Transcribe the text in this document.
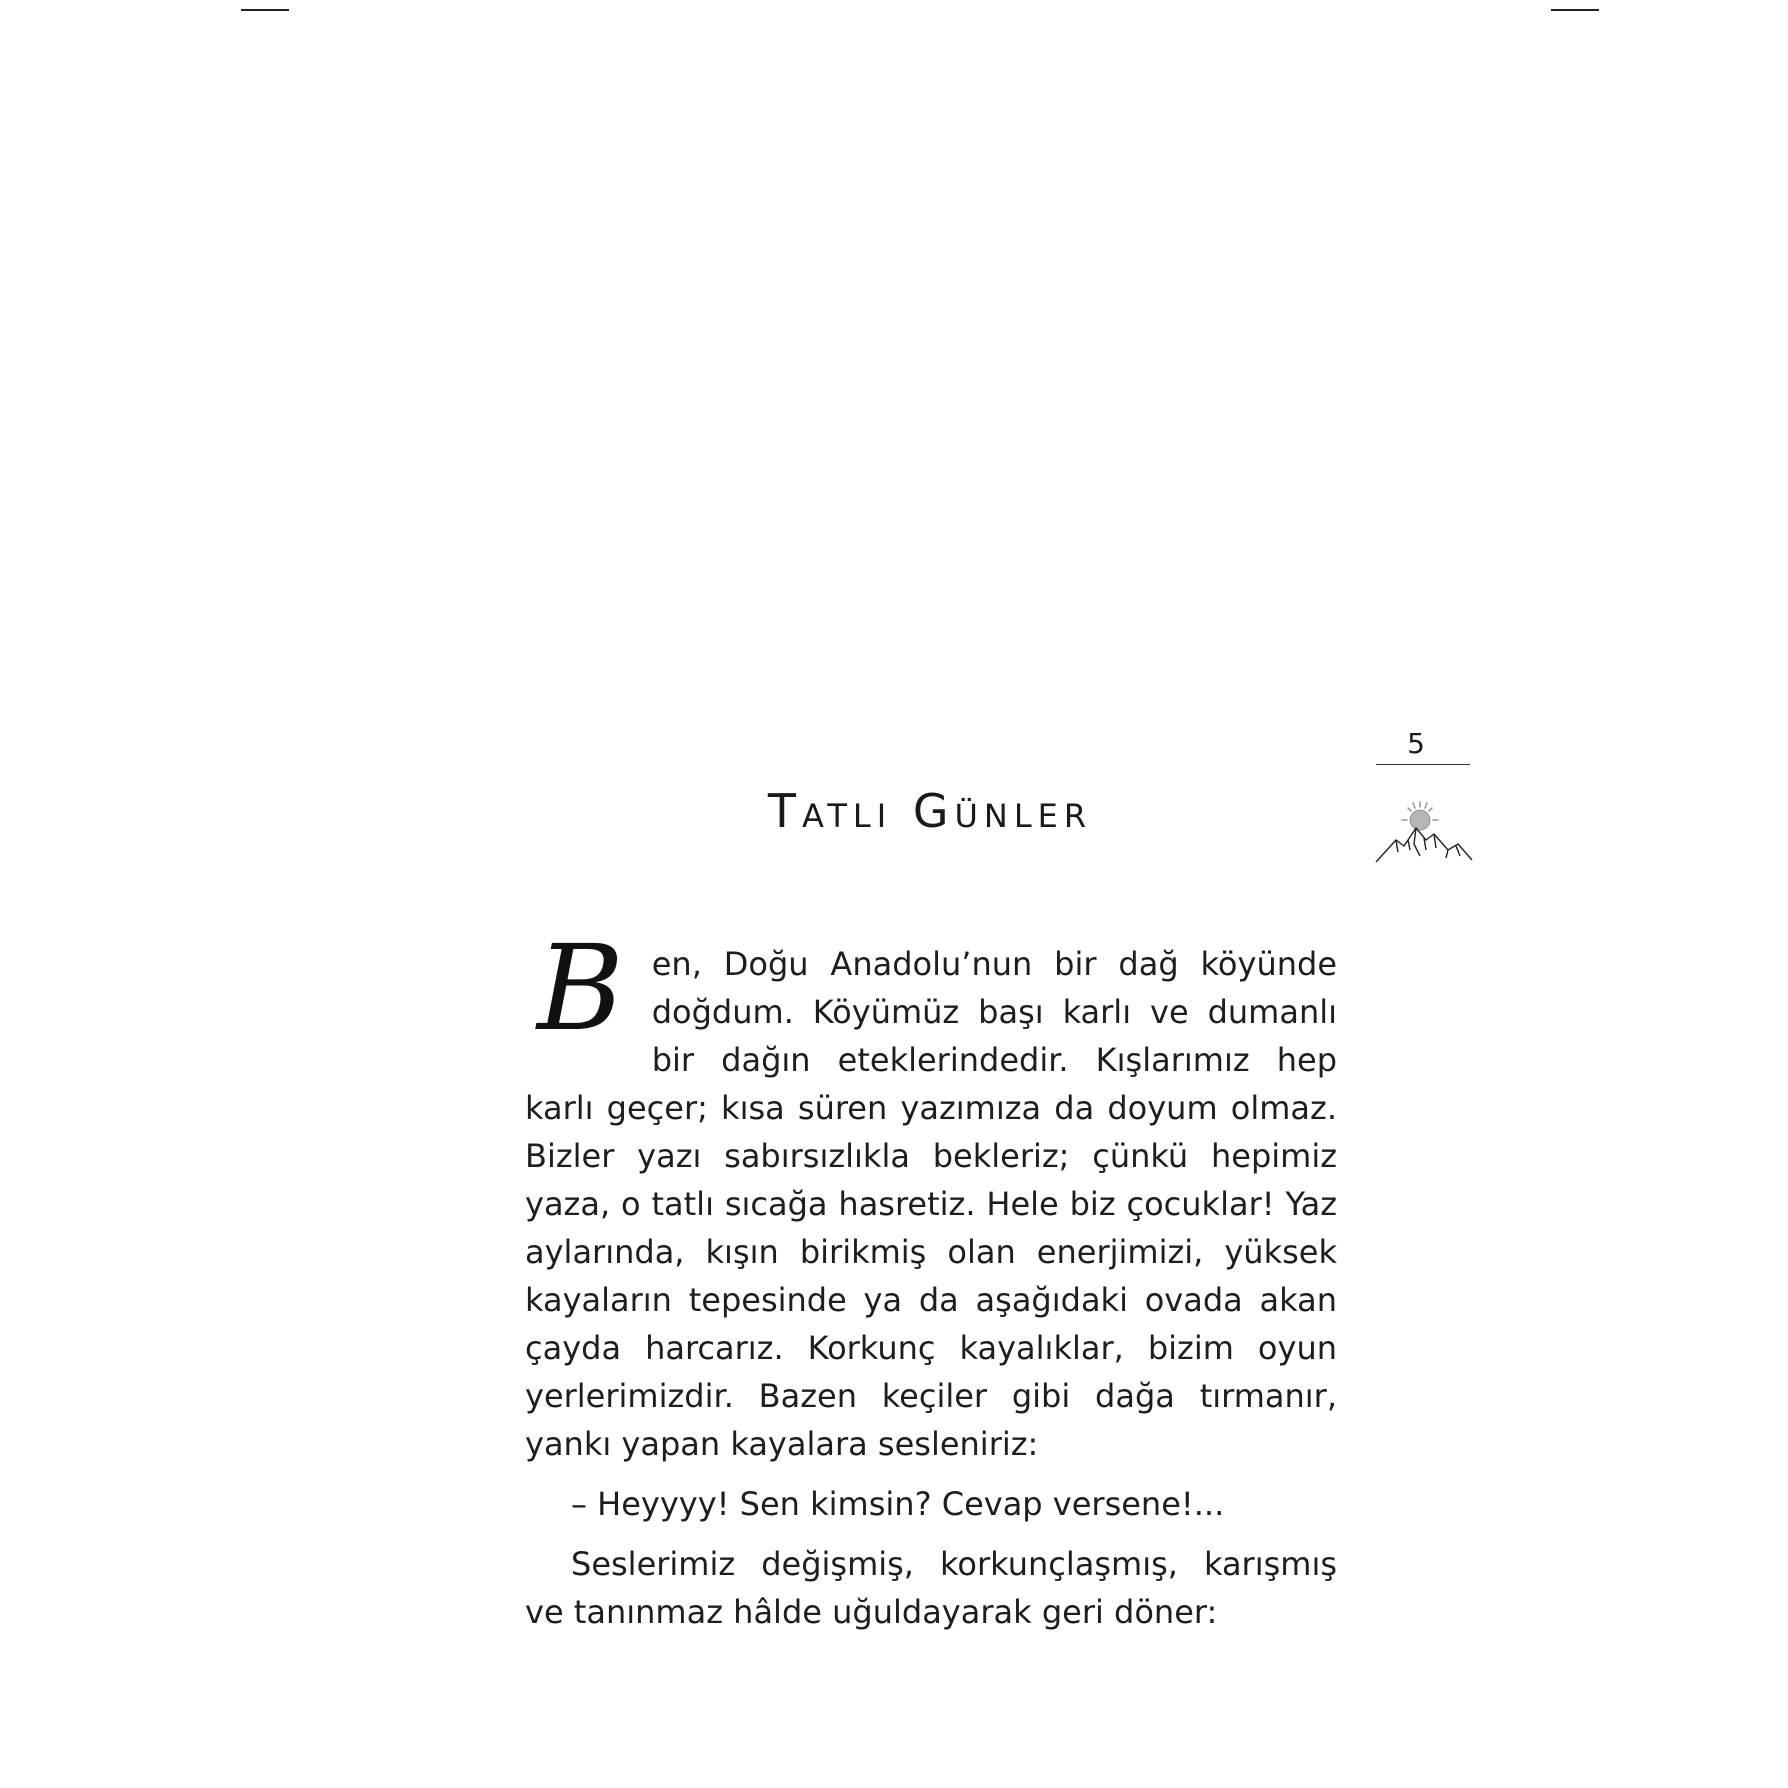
5
Tatlı Günler

B en, Doğu Anadolu’nun bir dağ köyünde doğdum. Köyümüz başı karlı ve dumanlı bir dağın eteklerindedir. Kışlarımız hep karlı geçer; kısa süren yazımıza da doyum olmaz. Bizler yazı sabırsızlıkla bekleriz; çünkü hepimiz yaza, o tatlı sıcağa hasretiz. Hele biz çocuklar! Yaz aylarında, kışın birikmiş olan enerjimizi, yüksek kayaların tepesinde ya da aşağıdaki ovada akan çayda harcarız. Korkunç kayalıklar, bizim oyun yerlerimizdir. Bazen keçiler gibi dağa tırmanır, yankı yapan kayalara sesleniriz:

– Heyyyy! Sen kimsin? Cevap versene!...

Seslerimiz değişmiş, korkunçlaşmış, karışmış ve tanınmaz hâlde uğuldayarak geri döner:
